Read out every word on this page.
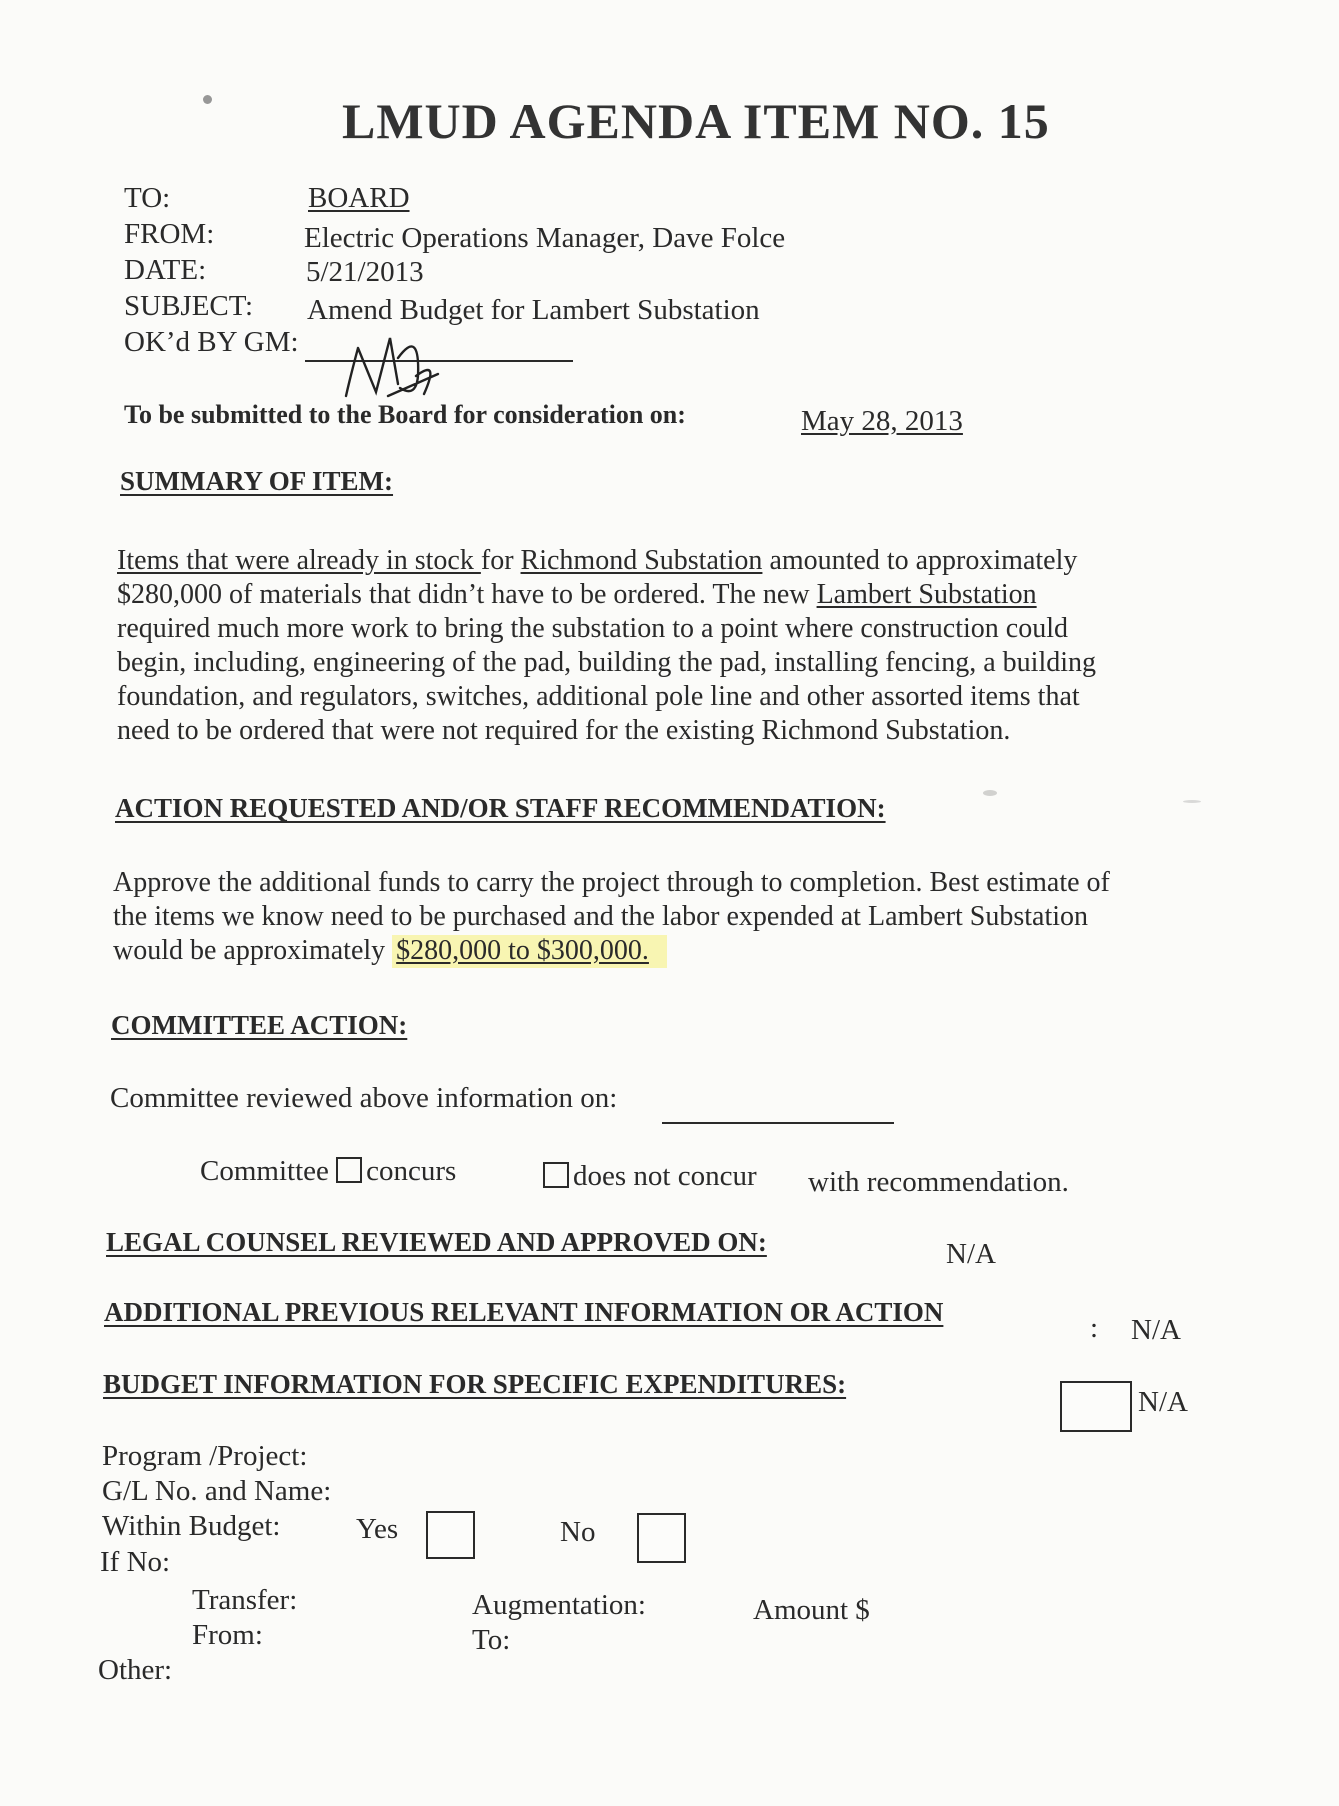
LMUD AGENDA ITEM NO. 15
TO:	BOARD
FROM:	Electric Operations Manager, Dave Folce
DATE:	5/21/2013
SUBJECT: Amend Budget for Lambert Substation
OK’d BY GM:
To be submitted to the Board for consideration on:	May 28, 2013
SUMMARY OF ITEM:
Items that were already in stock for Richmond Substation amounted to approximately
$280,000 of materials that didn’t have to be ordered. The new Lambert Substation
required much more work to bring the substation to a point where construction could
begin, including, engineering of the pad, building the pad, installing fencing, a building
foundation, and regulators, switches, additional pole line and other assorted items that
need to be ordered that were not required for the existing Richmond Substation.
ACTION REQUESTED AND/OR STAFF RECOMMENDATION:
Approve the additional funds to carry the project through to completion. Best estimate of
the items we know need to be purchased and the labor expended at Lambert Substation
would be approximately $280,000 to $300,000.
COMMITTEE ACTION:
Committee reviewed above information on:
Committee concurs	does not concur with recommendation.
LEGAL COUNSEL REVIEWED AND APPROVED ON:	N/A
ADDITIONAL PREVIOUS RELEVANT INFORMATION OR ACTION	: N/A
BUDGET INFORMATION FOR SPECIFIC EXPENDITURES:
N/A
Program /Project:
G/L No. and Name:
Within Budget:	Yes	No
If No:
Transfer:
From:
Augmentation:
To:
Amount $
Other:
